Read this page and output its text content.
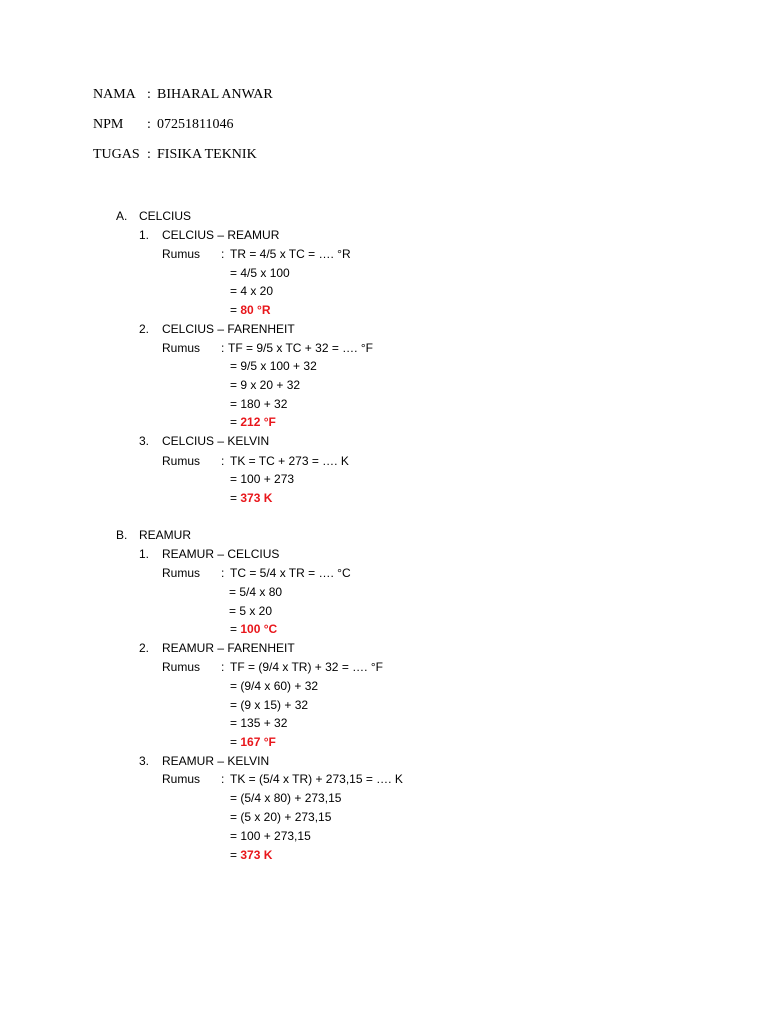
NAMA : BIHARAL ANWAR
NPM : 07251811046
TUGAS : FISIKA TEKNIK
A. CELCIUS
1. CELCIUS – REAMUR
Rumus : TR = 4/5 x TC = …. °R
= 4/5 x 100
= 4 x 20
= 80 °R
2. CELCIUS – FARENHEIT
Rumus : TF = 9/5 x TC + 32 = …. °F
= 9/5 x 100 + 32
= 9 x 20 + 32
= 180 + 32
= 212 °F
3. CELCIUS – KELVIN
Rumus : TK = TC + 273 = …. K
= 100 + 273
= 373 K
B. REAMUR
1. REAMUR – CELCIUS
Rumus : TC = 5/4 x TR = …. °C
= 5/4 x 80
= 5 x 20
= 100 °C
2. REAMUR – FARENHEIT
Rumus : TF = (9/4 x TR) + 32 = …. °F
= (9/4 x 60) + 32
= (9 x 15) + 32
= 135 + 32
= 167 °F
3. REAMUR – KELVIN
Rumus : TK = (5/4 x TR) + 273,15 = …. K
= (5/4 x 80) + 273,15
= (5 x 20) + 273,15
= 100 + 273,15
= 373 K
